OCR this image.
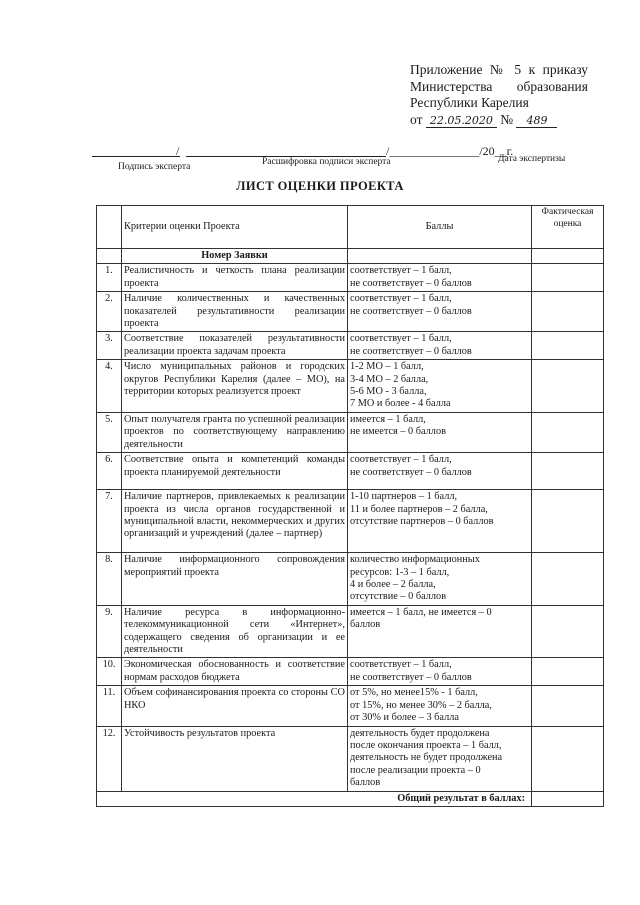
Приложение № 5 к приказу
Министерства образования
Республики Карелия
от 22.05.2020 № 489
/	/_______________/20__г.
Подпись эксперта	Расшифровка подписи эксперта	Дата экспертизы
ЛИСТ ОЦЕНКИ ПРОЕКТА
	Критерии оценки Проекта	Баллы	Фактическая оценка
	Номер Заявки		
1.	Реалистичность и четкость плана реализации проекта	соответствует – 1 балл,
не соответствует – 0 баллов	

2.	Наличие количественных и качественных показателей результативности реализации проекта	соответствует – 1 балл,
не соответствует – 0 баллов	

3.	Соответствие показателей результативности реализации проекта задачам проекта	соответствует – 1 балл,
не соответствует – 0 баллов	

4.	Число муниципальных районов и городских округов Республики Карелия (далее – МО), на территории которых реализуется проект	1-2 МО – 1 балл,
3-4 МО – 2 балла,
5-6 МО - 3 балла,
7 МО и более - 4 балла	

5.	Опыт получателя гранта по успешной реализации проектов по соответствующему направлению деятельности	имеется – 1 балл,
не имеется – 0 баллов	

6.	Соответствие опыта и компетенций команды проекта планируемой деятельности	соответствует – 1 балл,
не соответствует – 0 баллов	

7.	Наличие партнеров, привлекаемых к реализации проекта из числа органов государственной и муниципальной власти, некоммерческих и других организаций и учреждений (далее – партнер)	1-10 партнеров – 1 балл,
11 и более партнеров – 2 балла,
отсутствие партнеров – 0 баллов	

8.	Наличие информационного сопровождения мероприятий проекта	количество информационных
ресурсов: 1-3 – 1 балл,
4 и более – 2 балла,
отсутствие – 0 баллов	

9.	Наличие ресурса в информационно-телекоммуникационной сети «Интернет», содержащего сведения об организации и ее деятельности	имеется – 1 балл, не имеется – 0
баллов	

10.	Экономическая обоснованность и соответствие нормам расходов бюджета	соответствует – 1 балл,
не соответствует – 0 баллов	

11.	Объем софинансирования проекта со стороны СО НКО	от 5%, но менее15% - 1 балл,
от 15%, но менее 30% – 2 балла,
от 30% и более – 3 балла	

12.	Устойчивость результатов проекта	деятельность будет продолжена
после окончания проекта – 1 балл,
деятельность не будет продолжена
после реализации проекта – 0
баллов	

Общий результат в баллах:			
